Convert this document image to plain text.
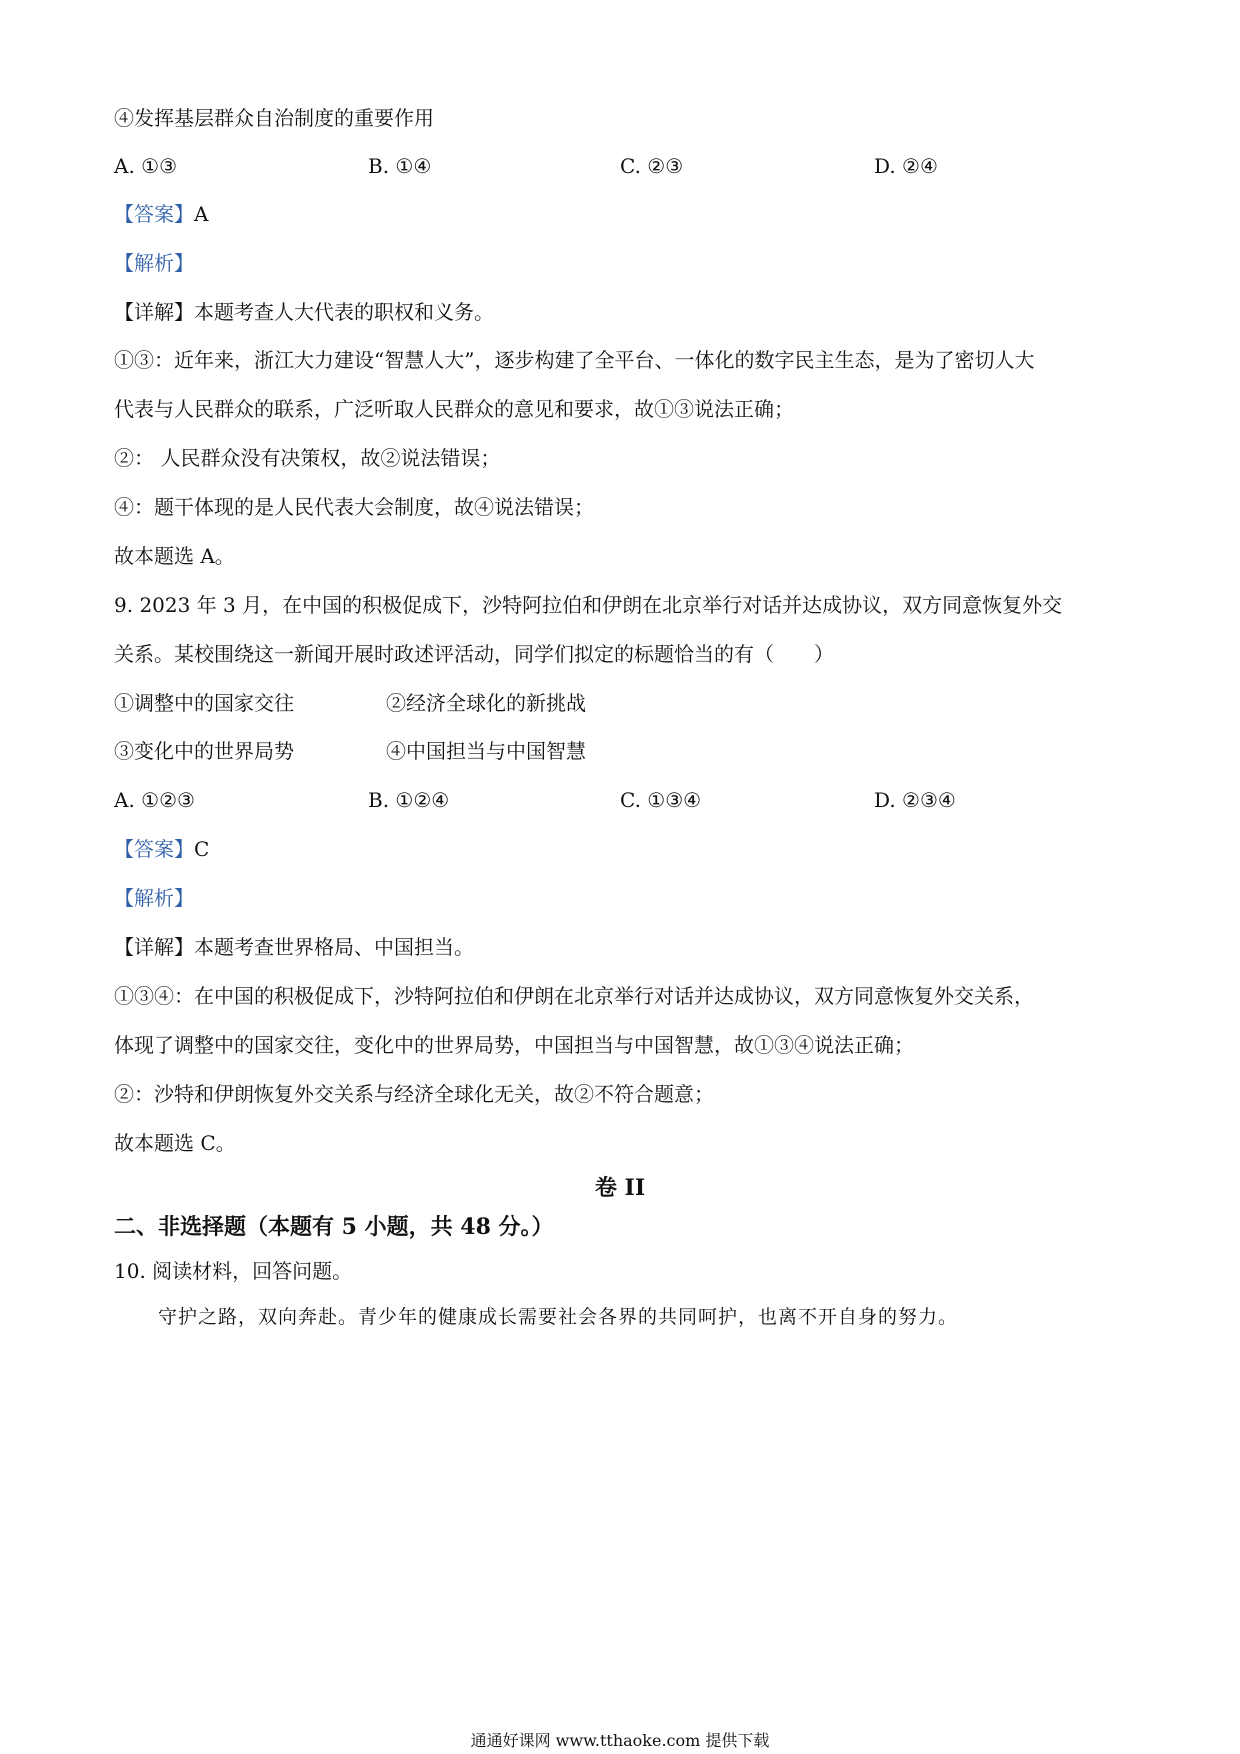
④发挥基层群众自治制度的重要作用
A. ①③	B. ①④	C. ②③	D. ②④
【答案】A
【解析】
【详解】本题考查人大代表的职权和义务。
①③：近年来，浙江大力建设“智慧人大”，逐步构建了全平台、一体化的数字民主生态，是为了密切人大
代表与人民群众的联系，广泛听取人民群众的意见和要求，故①③说法正确；
②： 人民群众没有决策权，故②说法错误；
④：题干体现的是人民代表大会制度，故④说法错误；
故本题选 A。
9. 2023 年 3 月，在中国的积极促成下，沙特阿拉伯和伊朗在北京举行对话并达成协议，双方同意恢复外交
关系。某校围绕这一新闻开展时政述评活动，同学们拟定的标题恰当的有（　　）
①调整中的国家交往	②经济全球化的新挑战
③变化中的世界局势	④中国担当与中国智慧
A. ①②③	B. ①②④	C. ①③④	D. ②③④
【答案】C
【解析】
【详解】本题考查世界格局、中国担当。
①③④：在中国的积极促成下，沙特阿拉伯和伊朗在北京举行对话并达成协议，双方同意恢复外交关系，
体现了调整中的国家交往，变化中的世界局势，中国担当与中国智慧，故①③④说法正确；
②：沙特和伊朗恢复外交关系与经济全球化无关，故②不符合题意；
故本题选 C。
卷 II
二、非选择题（本题有 5 小题，共 48 分。）
10. 阅读材料，回答问题。
守护之路，双向奔赴。青少年的健康成长需要社会各界的共同呵护，也离不开自身的努力。
通通好课网 www.tthaoke.com 提供下载
